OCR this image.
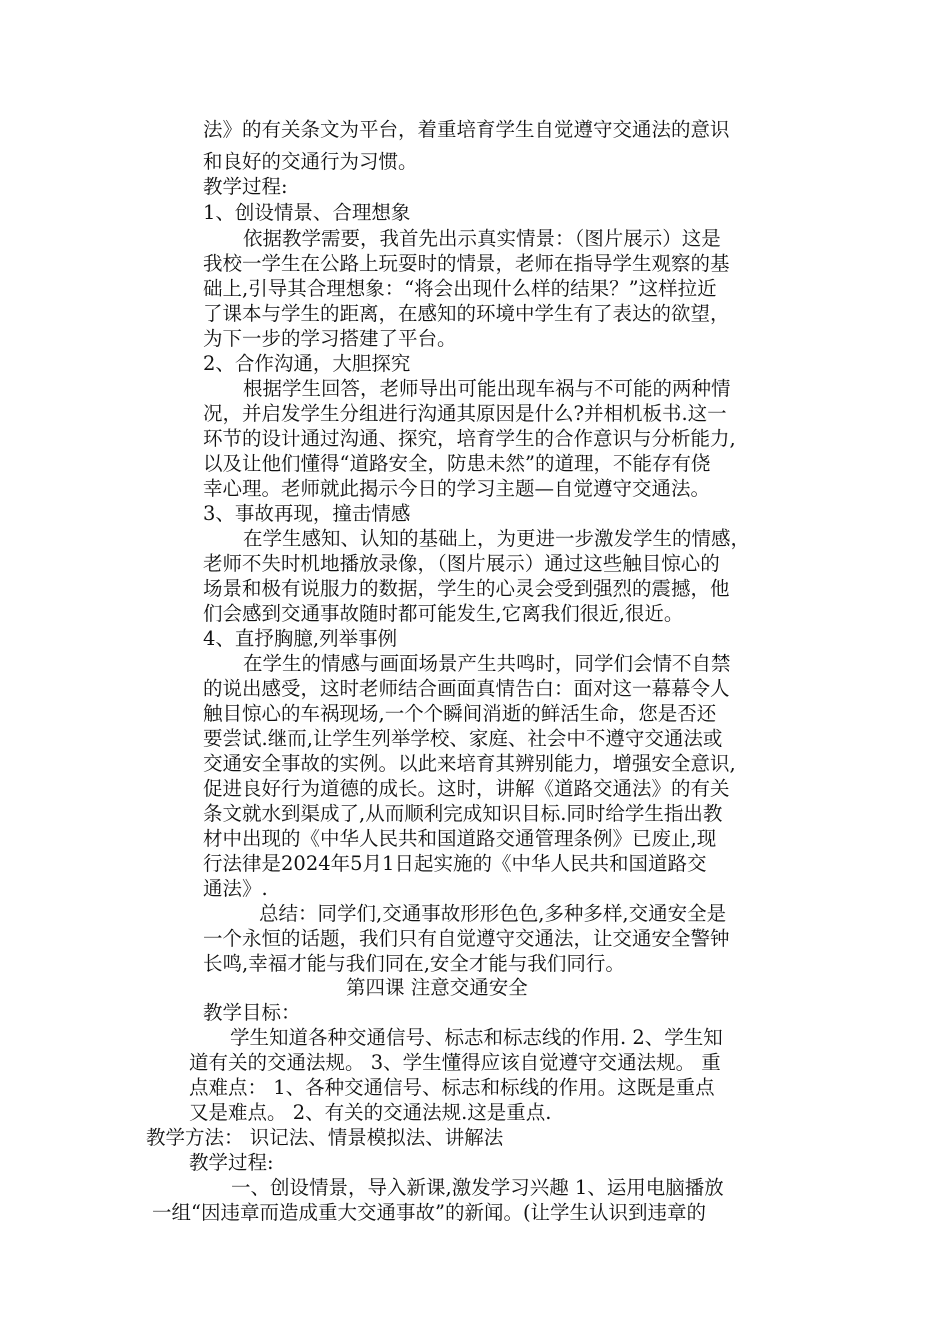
法》的有关条文为平台，着重培育学生自觉遵守交通法的意识
和良好的交通行为习惯。
教学过程:
1、创设情景、合理想象
依据教学需要，我首先出示真实情景：（图片展示）这是
我校一学生在公路上玩耍时的情景，老师在指导学生观察的基
础上,引导其合理想象：“将会出现什么样的结果？”这样拉近
了课本与学生的距离，在感知的环境中学生有了表达的欲望，
为下一步的学习搭建了平台。
2、合作沟通，大胆探究
根据学生回答，老师导出可能出现车祸与不可能的两种情
况，并启发学生分组进行沟通其原因是什么?并相机板书.这一
环节的设计通过沟通、探究，培育学生的合作意识与分析能力,
以及让他们懂得“道路安全，防患未然”的道理，不能存有侥
幸心理。老师就此揭示今日的学习主题—自觉遵守交通法。
3、事故再现，撞击情感
在学生感知、认知的基础上，为更进一步激发学生的情感，
老师不失时机地播放录像，（图片展示）通过这些触目惊心的
场景和极有说服力的数据，学生的心灵会受到强烈的震撼，他
们会感到交通事故随时都可能发生,它离我们很近,很近。
4、直抒胸臆,列举事例
在学生的情感与画面场景产生共鸣时，同学们会情不自禁
的说出感受，这时老师结合画面真情告白：面对这一幕幕令人
触目惊心的车祸现场,一个个瞬间消逝的鲜活生命，您是否还
要尝试.继而,让学生列举学校、家庭、社会中不遵守交通法或
交通安全事故的实例。以此来培育其辨别能力，增强安全意识,
促进良好行为道德的成长。这时，讲解《道路交通法》的有关
条文就水到渠成了,从而顺利完成知识目标.同时给学生指出教
材中出现的《中华人民共和国道路交通管理条例》已废止,现
行法律是2024年5月1日起实施的《中华人民共和国道路交
通法》.
总结：同学们,交通事故形形色色,多种多样,交通安全是
一个永恒的话题，我们只有自觉遵守交通法，让交通安全警钟
长鸣,幸福才能与我们同在,安全才能与我们同行。
第四课 注意交通安全
教学目标：
学生知道各种交通信号、标志和标志线的作用. 2、学生知
道有关的交通法规。 3、学生懂得应该自觉遵守交通法规。 重
点难点： 1、各种交通信号、标志和标线的作用。这既是重点
又是难点。 2、有关的交通法规.这是重点.
教学方法： 识记法、情景模拟法、讲解法
教学过程:
一、创设情景，导入新课,激发学习兴趣 1、运用电脑播放
一组“因违章而造成重大交通事故”的新闻。(让学生认识到违章的
